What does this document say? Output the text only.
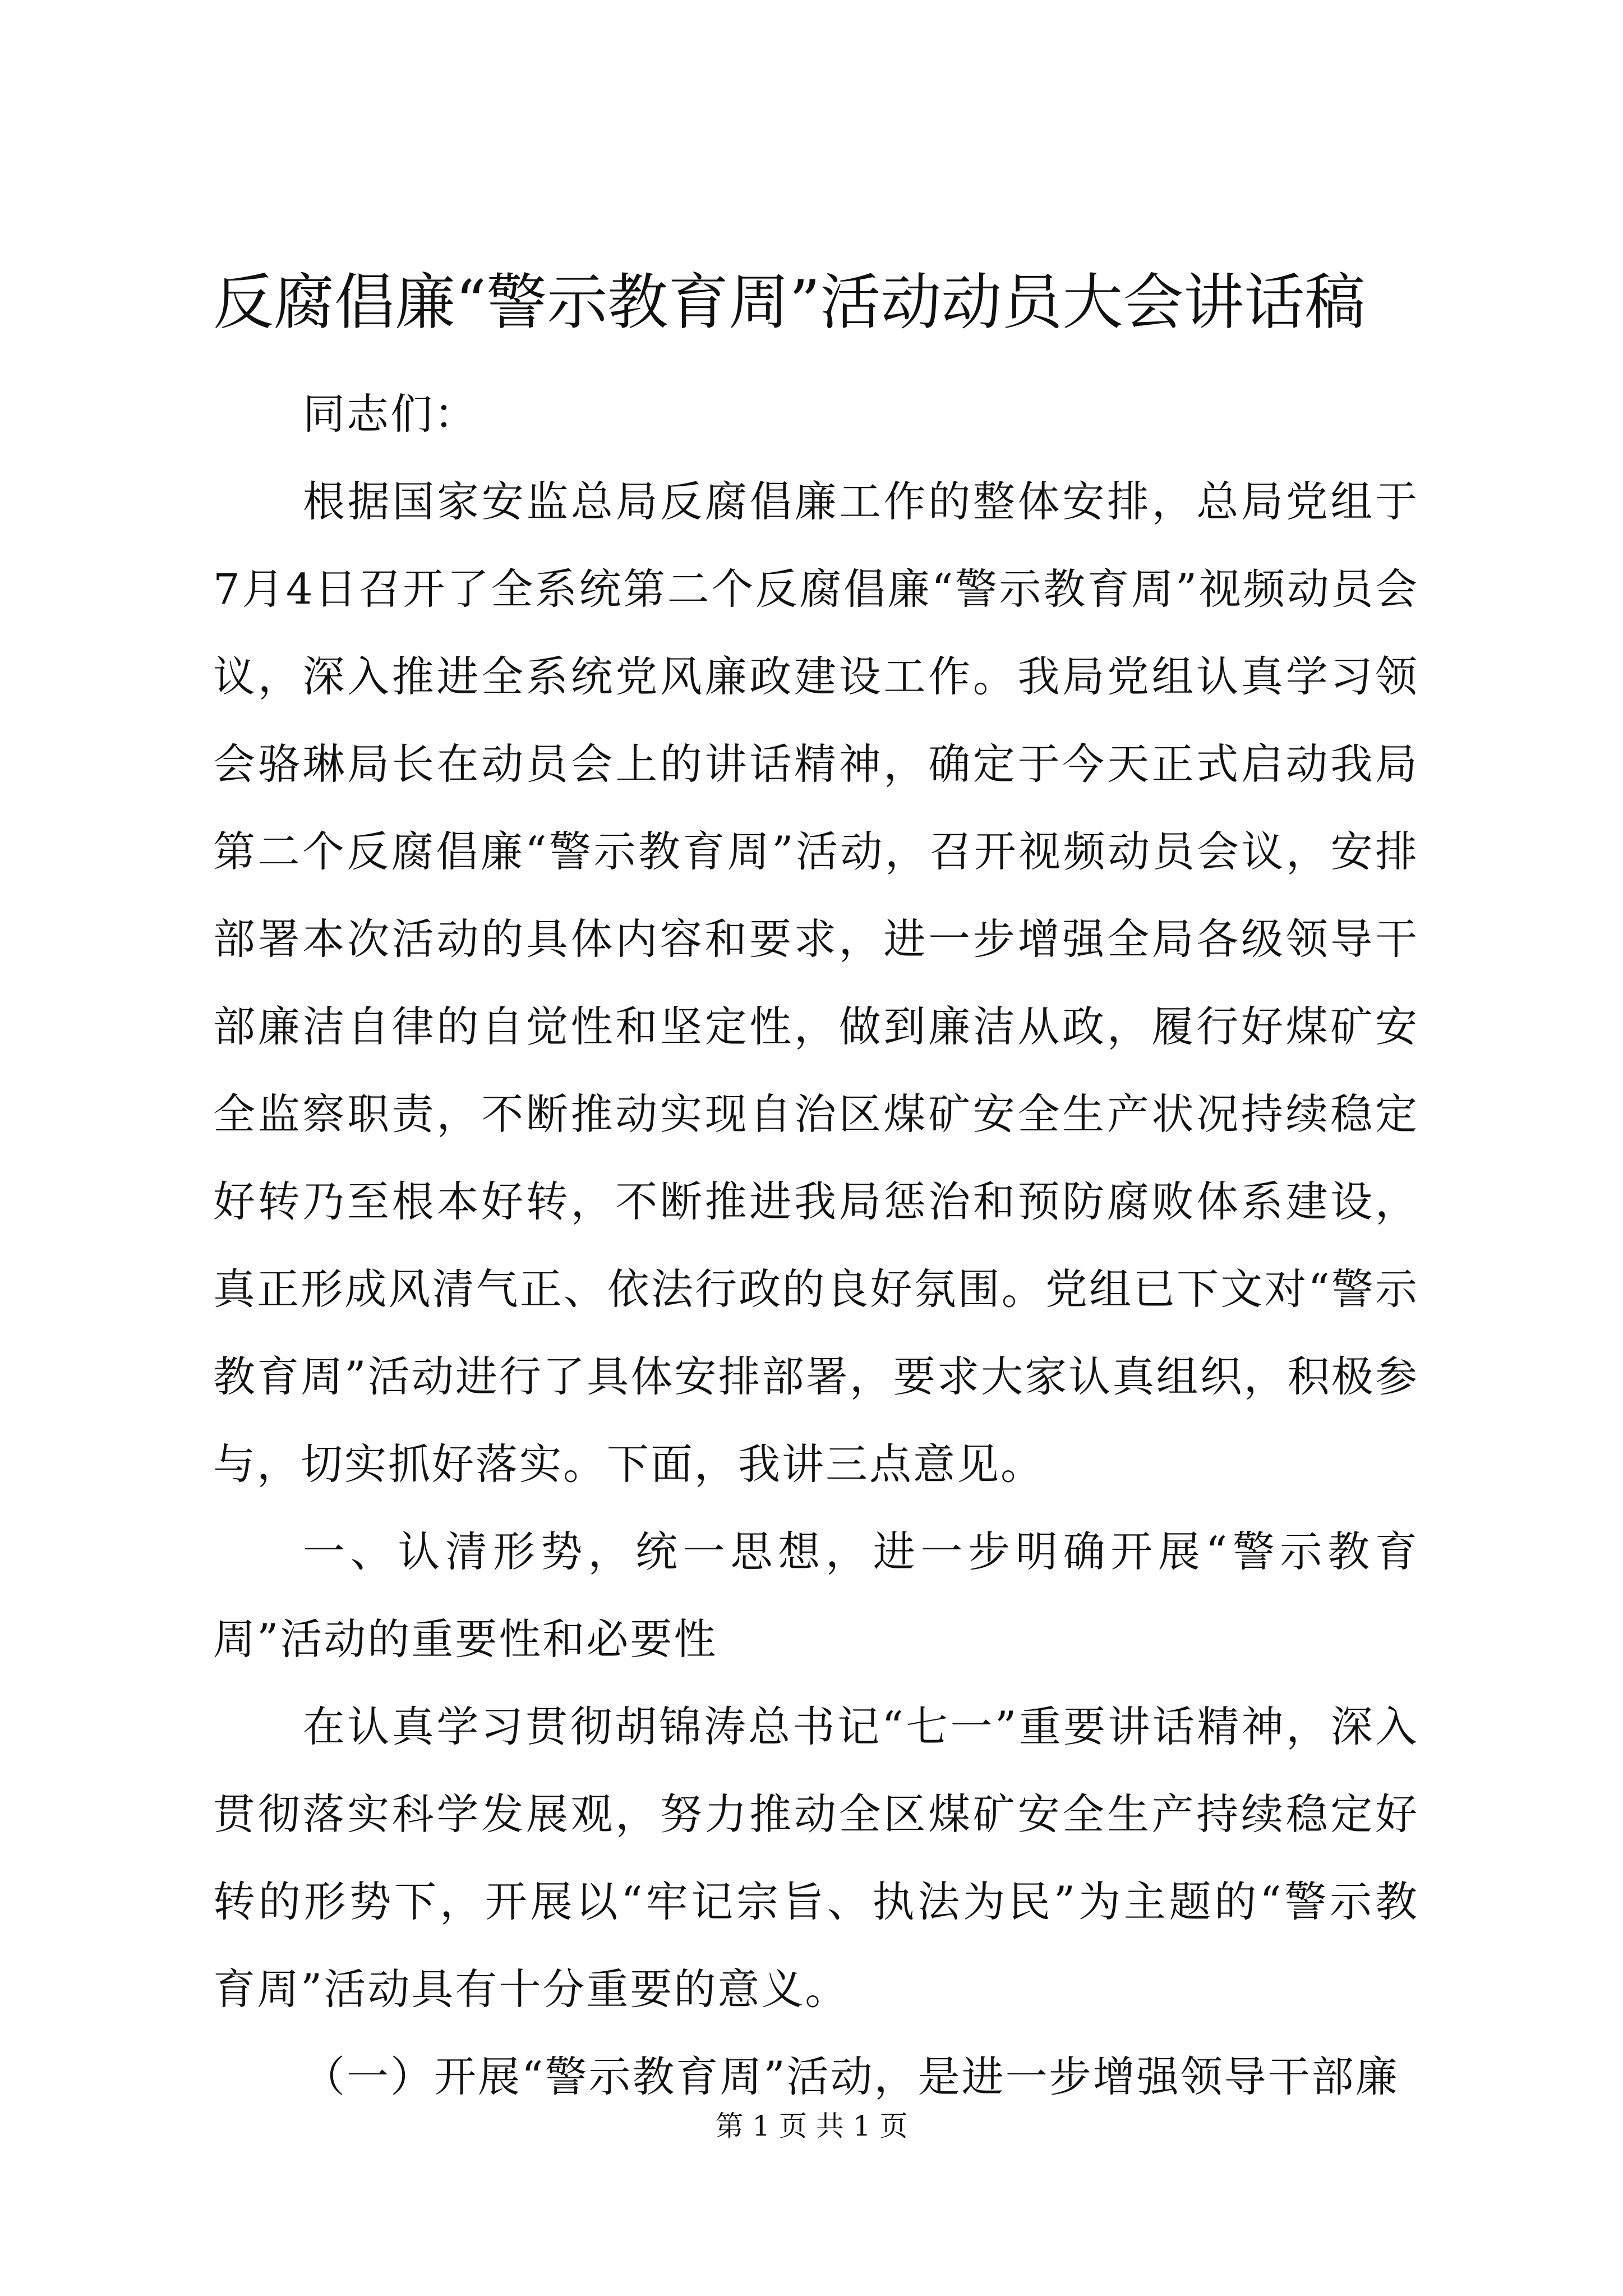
反腐倡廉“警示教育周”活动动员大会讲话稿

同志们：

根据国家安监总局反腐倡廉工作的整体安排，总局党组于7月4日召开了全系统第二个反腐倡廉“警示教育周”视频动员会议，深入推进全系统党风廉政建设工作。我局党组认真学习领会骆琳局长在动员会上的讲话精神，确定于今天正式启动我局第二个反腐倡廉“警示教育周”活动，召开视频动员会议，安排部署本次活动的具体内容和要求，进一步增强全局各级领导干部廉洁自律的自觉性和坚定性，做到廉洁从政，履行好煤矿安全监察职责，不断推动实现自治区煤矿安全生产状况持续稳定好转乃至根本好转，不断推进我局惩治和预防腐败体系建设，真正形成风清气正、依法行政的良好氛围。党组已下文对“警示教育周”活动进行了具体安排部署，要求大家认真组织，积极参与，切实抓好落实。下面，我讲三点意见。

一、认清形势，统一思想，进一步明确开展“警示教育周”活动的重要性和必要性

在认真学习贯彻胡锦涛总书记“七一”重要讲话精神，深入贯彻落实科学发展观，努力推动全区煤矿安全生产持续稳定好转的形势下，开展以“牢记宗旨、执法为民”为主题的“警示教育周”活动具有十分重要的意义。

（一）开展“警示教育周”活动，是进一步增强领导干部廉

第 1 页 共 1 页
